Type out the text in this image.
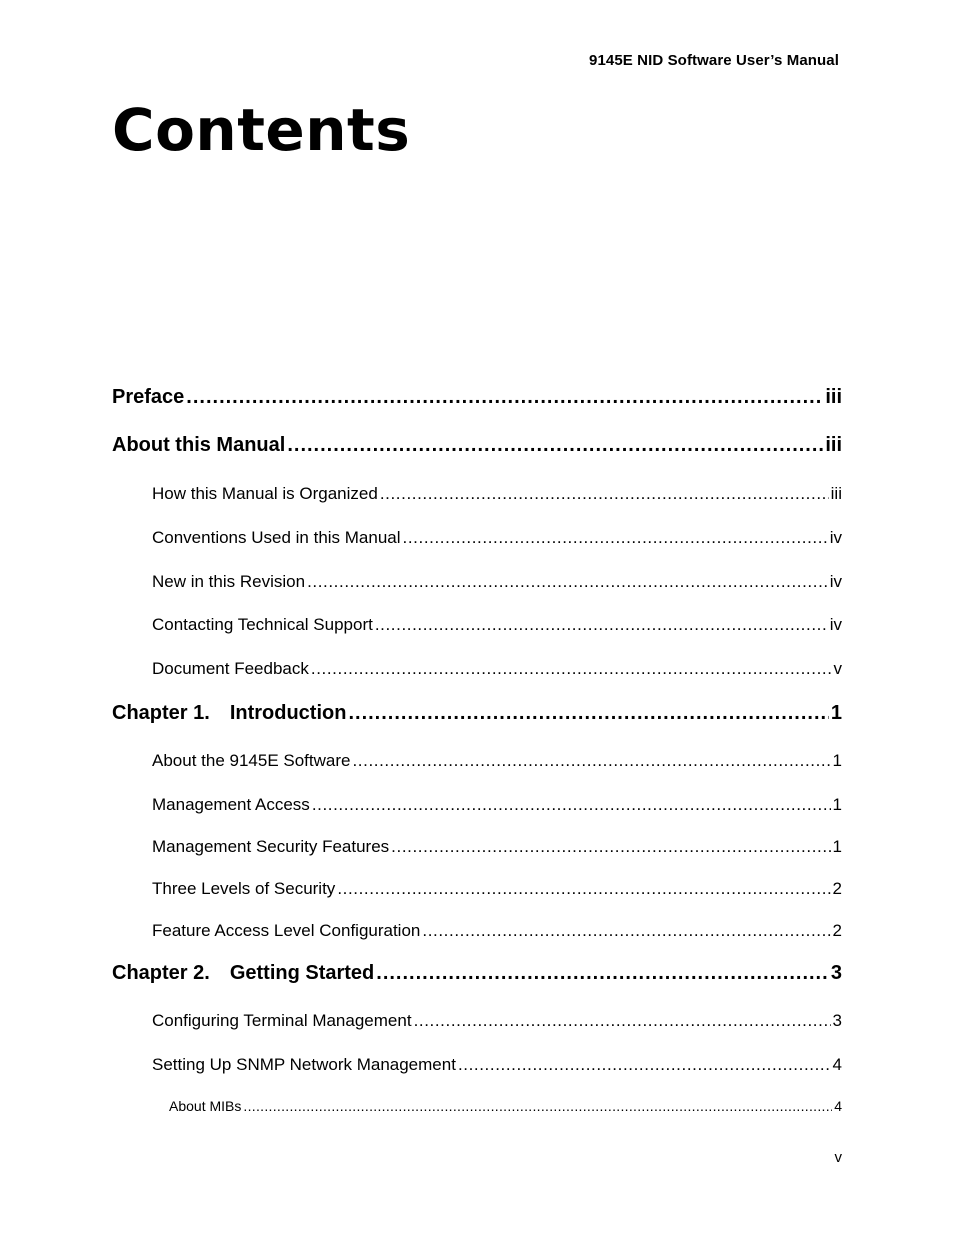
9145E NID Software User’s Manual
Contents
Preface .....	iii
About this Manual .....	iii
How this Manual is Organized .....	iii
Conventions Used in this Manual .....	iv
New in this Revision .....	iv
Contacting Technical Support .....	iv
Document Feedback .....	v
Chapter 1. Introduction .....	1
About the 9145E Software .....	1
Management Access .....	1
Management Security Features .....	1
Three Levels of Security .....	2
Feature Access Level Configuration .....	2
Chapter 2. Getting Started .....	3
Configuring Terminal Management .....	3
Setting Up SNMP Network Management .....	4
About MIBs .....	4
v
